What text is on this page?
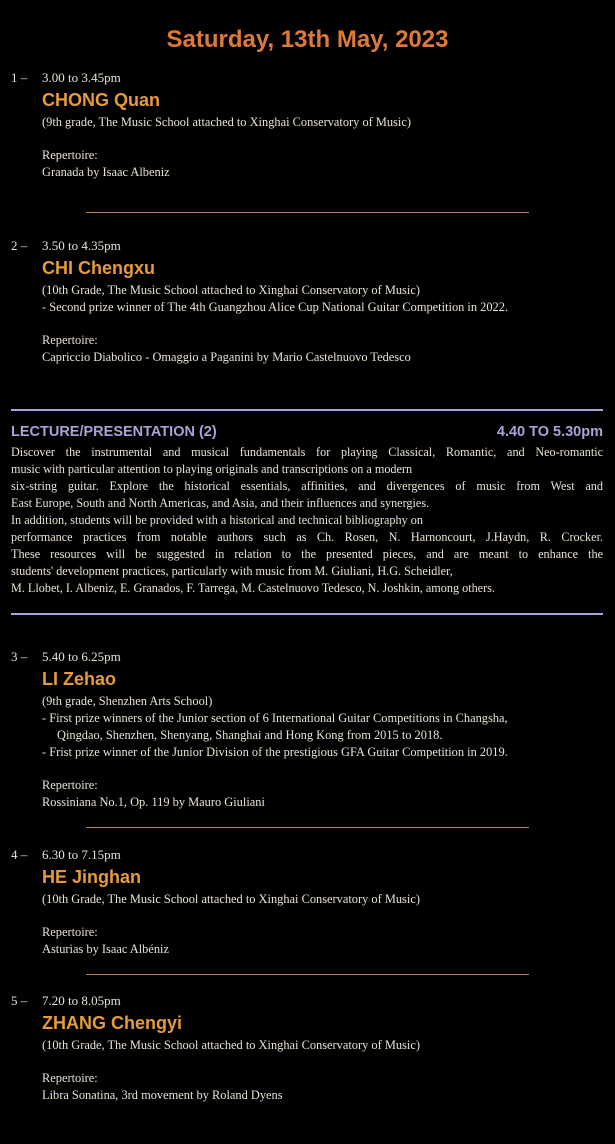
Saturday, 13th May, 2023
1 – 3.00 to 3.45pm
CHONG Quan
(9th grade, The Music School attached to Xinghai Conservatory of Music)
Repertoire:
Granada by Isaac Albeniz
2 – 3.50 to 4.35pm
CHI Chengxu
(10th Grade, The Music School attached to Xinghai Conservatory of Music)
- Second prize winner of The 4th Guangzhou Alice Cup National Guitar Competition in 2022.
Repertoire:
Capriccio Diabolico - Omaggio a Paganini by Mario Castelnuovo Tedesco
LECTURE/PRESENTATION (2)	4.40 TO 5.30pm
Discover the instrumental and musical fundamentals for playing Classical, Romantic, and Neo-romantic
music with particular attention to playing originals and transcriptions on a modern
six-string guitar. Explore the historical essentials, affinities, and divergences of music from West and
East Europe, South and North Americas, and Asia, and their influences and synergies.
In addition, students will be provided with a historical and technical bibliography on
performance practices from notable authors such as Ch. Rosen, N. Harnoncourt, J.Haydn, R. Crocker.
These resources will be suggested in relation to the presented pieces, and are meant to enhance the
students' development practices, particularly with music from M. Giuliani, H.G. Scheidler,
M. Llobet, I. Albeniz, E. Granados, F. Tarrega, M. Castelnuovo Tedesco, N. Joshkin, among others.
3 – 5.40 to 6.25pm
LI Zehao
(9th grade, Shenzhen Arts School)
- First prize winners of the Junior section of 6 International Guitar Competitions in Changsha,
Qingdao, Shenzhen, Shenyang, Shanghai and Hong Kong from 2015 to 2018.
- Frist prize winner of the Junior Division of the prestigious GFA Guitar Competition in 2019.
Repertoire:
Rossiniana No.1, Op. 119 by Mauro Giuliani
4 – 6.30 to 7.15pm
HE Jinghan
(10th Grade, The Music School attached to Xinghai Conservatory of Music)
Repertoire:
Asturias by Isaac Albéniz
5 – 7.20 to 8.05pm
ZHANG Chengyi
(10th Grade, The Music School attached to Xinghai Conservatory of Music)
Repertoire:
Libra Sonatina, 3rd movement by Roland Dyens
